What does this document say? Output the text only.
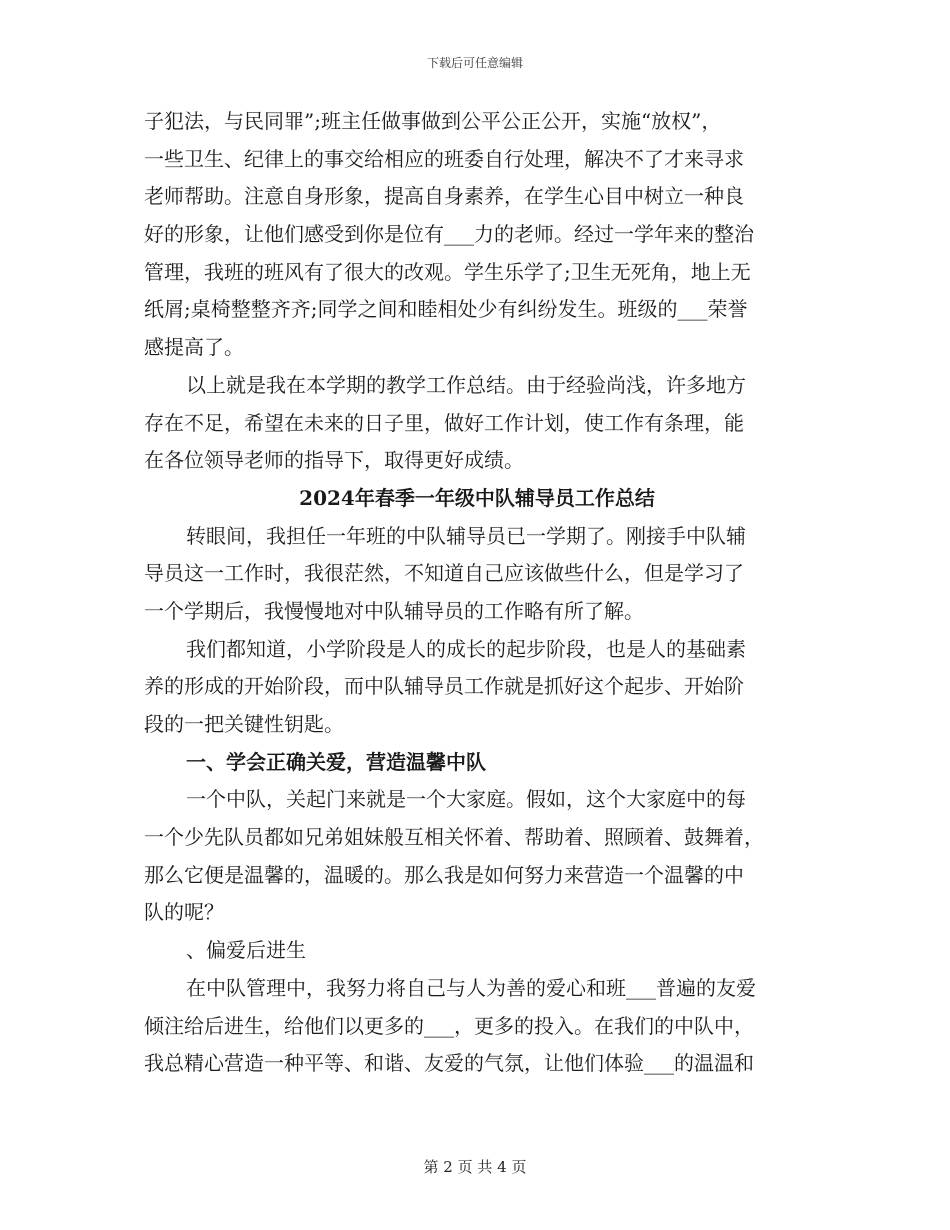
下载后可任意编辑
子犯法，与民同罪”;班主任做事做到公平公正公开，实施“放权”，
一些卫生、纪律上的事交给相应的班委自行处理，解决不了才来寻求
老师帮助。注意自身形象，提高自身素养，在学生心目中树立一种良
好的形象，让他们感受到你是位有___力的老师。经过一学年来的整治
管理，我班的班风有了很大的改观。学生乐学了;卫生无死角，地上无
纸屑;桌椅整整齐齐;同学之间和睦相处少有纠纷发生。班级的___荣誉
感提高了。
以上就是我在本学期的教学工作总结。由于经验尚浅，许多地方
存在不足，希望在未来的日子里，做好工作计划，使工作有条理，能
在各位领导老师的指导下，取得更好成绩。
2024年春季一年级中队辅导员工作总结
转眼间，我担任一年班的中队辅导员已一学期了。刚接手中队辅
导员这一工作时，我很茫然，不知道自己应该做些什么，但是学习了
一个学期后，我慢慢地对中队辅导员的工作略有所了解。
我们都知道，小学阶段是人的成长的起步阶段，也是人的基础素
养的形成的开始阶段，而中队辅导员工作就是抓好这个起步、开始阶
段的一把关键性钥匙。
一、学会正确关爱，营造温馨中队
一个中队，关起门来就是一个大家庭。假如，这个大家庭中的每
一个少先队员都如兄弟姐妹般互相关怀着、帮助着、照顾着、鼓舞着，
那么它便是温馨的，温暖的。那么我是如何努力来营造一个温馨的中
队的呢？
、偏爱后进生
在中队管理中，我努力将自己与人为善的爱心和班___普遍的友爱
倾注给后进生，给他们以更多的___，更多的投入。在我们的中队中，
我总精心营造一种平等、和谐、友爱的气氛，让他们体验___的温温和
第 2 页 共 4 页
